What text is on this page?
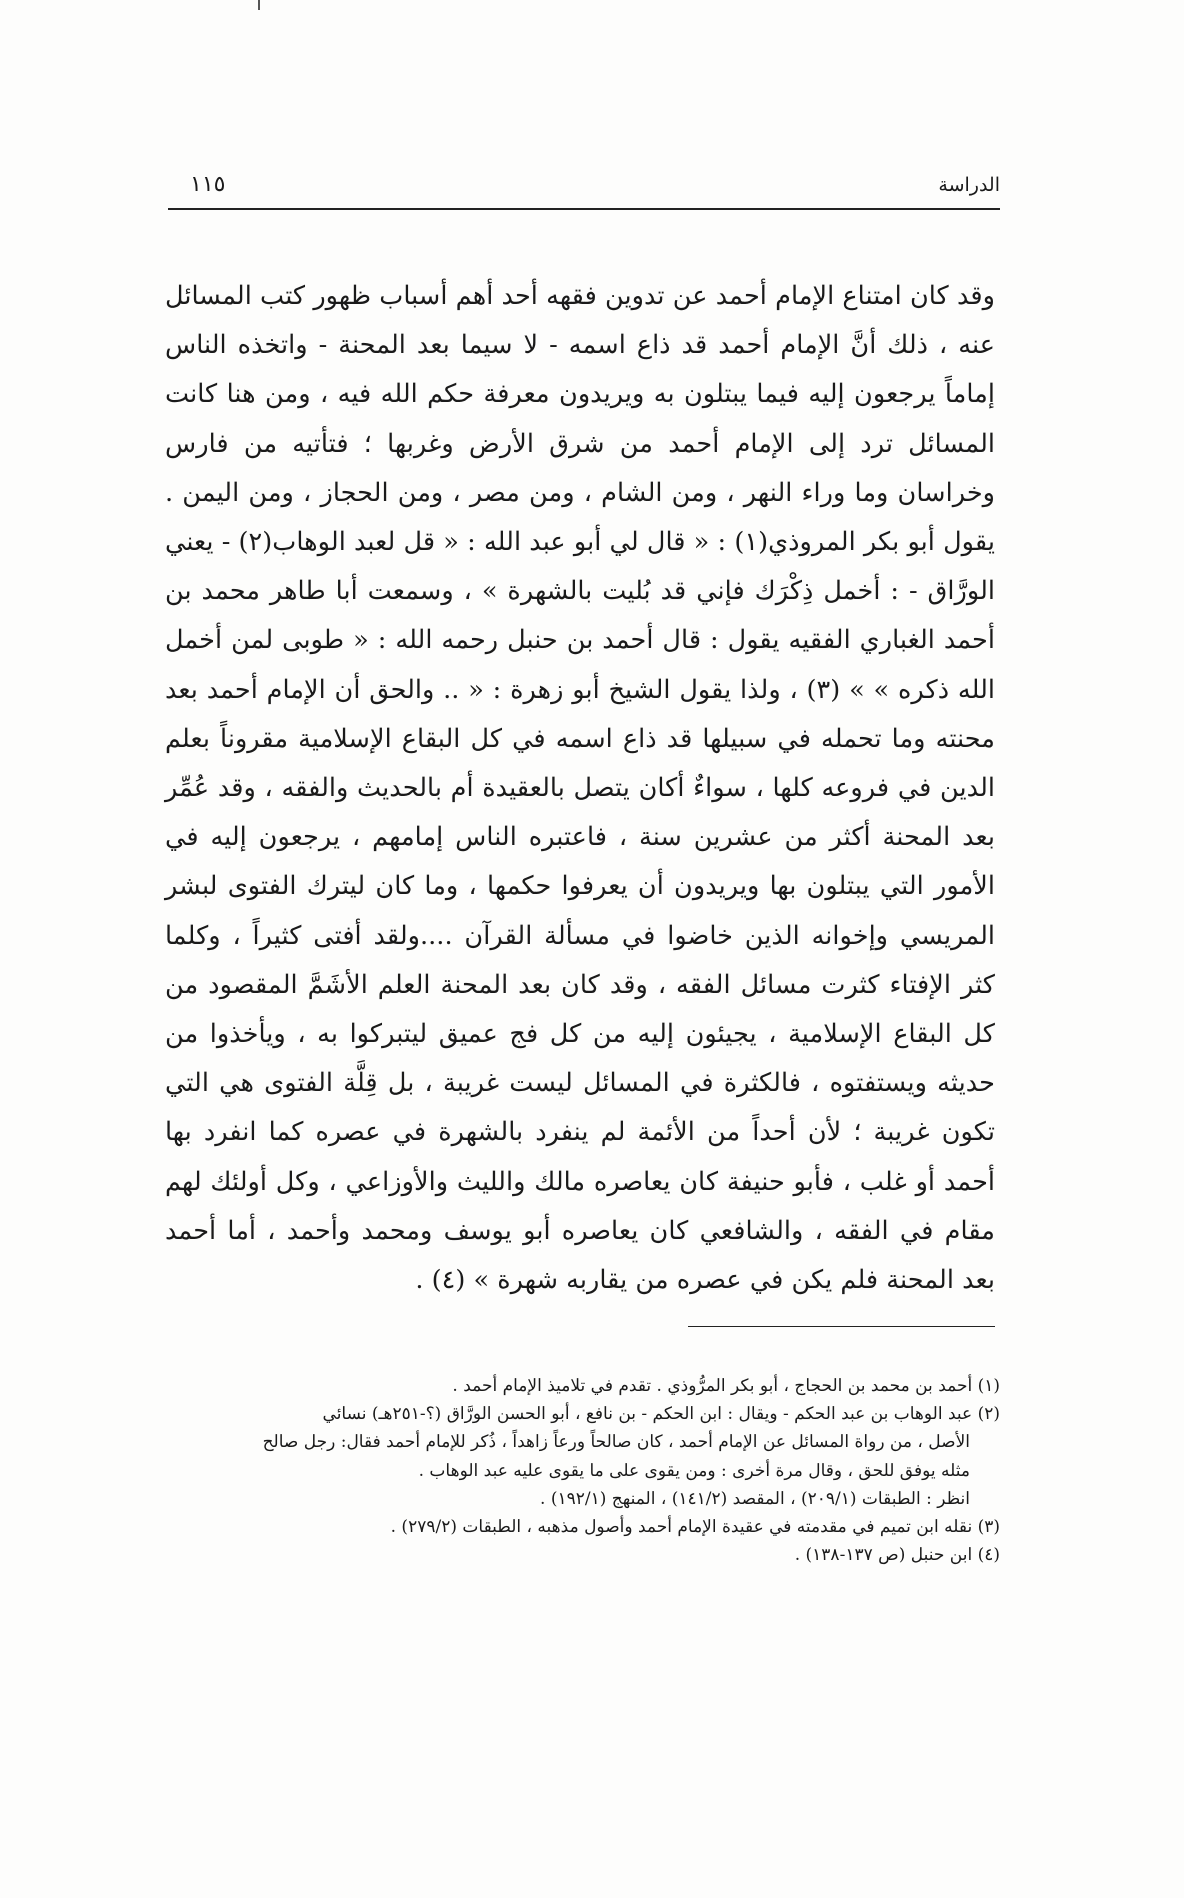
الدراسة
١١٥
وقد كان امتناع الإمام أحمد عن تدوين فقهه أحد أهم أسباب ظهور كتب المسائل عنه ، ذلك أنَّ الإمام أحمد قد ذاع اسمه - لا سيما بعد المحنة - واتخذه الناس إماماً يرجعون إليه فيما يبتلون به ويريدون معرفة حكم الله فيه ، ومن هنا كانت المسائل ترد إلى الإمام أحمد من شرق الأرض وغربها ؛ فتأتيه من فارس وخراسان وما وراء النهر ، ومن الشام ، ومن مصر ، ومن الحجاز ، ومن اليمن . يقول أبو بكر المروذي(١) : « قال لي أبو عبد الله : « قل لعبد الوهاب(٢) - يعني الورَّاق - : أخمل ذِكْرَك فإني قد بُليت بالشهرة » ، وسمعت أبا طاهر محمد بن أحمد الغباري الفقيه يقول : قال أحمد بن حنبل رحمه الله : « طوبى لمن أخمل الله ذكره » » (٣) ، ولذا يقول الشيخ أبو زهرة : « .. والحق أن الإمام أحمد بعد محنته وما تحمله في سبيلها قد ذاع اسمه في كل البقاع الإسلامية مقروناً بعلم الدين في فروعه كلها ، سواءٌ أكان يتصل بالعقيدة أم بالحديث والفقه ، وقد عُمِّر بعد المحنة أكثر من عشرين سنة ، فاعتبره الناس إمامهم ، يرجعون إليه في الأمور التي يبتلون بها ويريدون أن يعرفوا حكمها ، وما كان ليترك الفتوى لبشر المريسي وإخوانه الذين خاضوا في مسألة القرآن ....ولقد أفتى كثيراً ، وكلما كثر الإفتاء كثرت مسائل الفقه ، وقد كان بعد المحنة العلم الأشَمَّ المقصود من كل البقاع الإسلامية ، يجيئون إليه من كل فج عميق ليتبركوا به ، ويأخذوا من حديثه ويستفتوه ، فالكثرة في المسائل ليست غريبة ، بل قِلَّة الفتوى هي التي تكون غريبة ؛ لأن أحداً من الأئمة لم ينفرد بالشهرة في عصره كما انفرد بها أحمد أو غلب ، فأبو حنيفة كان يعاصره مالك والليث والأوزاعي ، وكل أولئك لهم مقام في الفقه ، والشافعي كان يعاصره أبو يوسف ومحمد وأحمد ، أما أحمد بعد المحنة فلم يكن في عصره من يقاربه شهرة » (٤) .

(١) أحمد بن محمد بن الحجاج ، أبو بكر المرُّوذي . تقدم في تلاميذ الإمام أحمد .

(٢) عبد الوهاب بن عبد الحكم - ويقال : ابن الحكم - بن نافع ، أبو الحسن الورَّاق (؟-٢٥١هـ) نسائي
الأصل ، من رواة المسائل عن الإمام أحمد ، كان صالحاً ورعاً زاهداً ، ذُكر للإمام أحمد فقال: رجل صالح
مثله يوفق للحق ، وقال مرة أخرى : ومن يقوى على ما يقوى عليه عبد الوهاب .
انظر : الطبقات (٢٠٩/١) ، المقصد (١٤١/٢) ، المنهج (١٩٢/١) .

(٣) نقله ابن تميم في مقدمته في عقيدة الإمام أحمد وأصول مذهبه ، الطبقات (٢٧٩/٢) .

(٤) ابن حنبل (ص ١٣٧-١٣٨) .
